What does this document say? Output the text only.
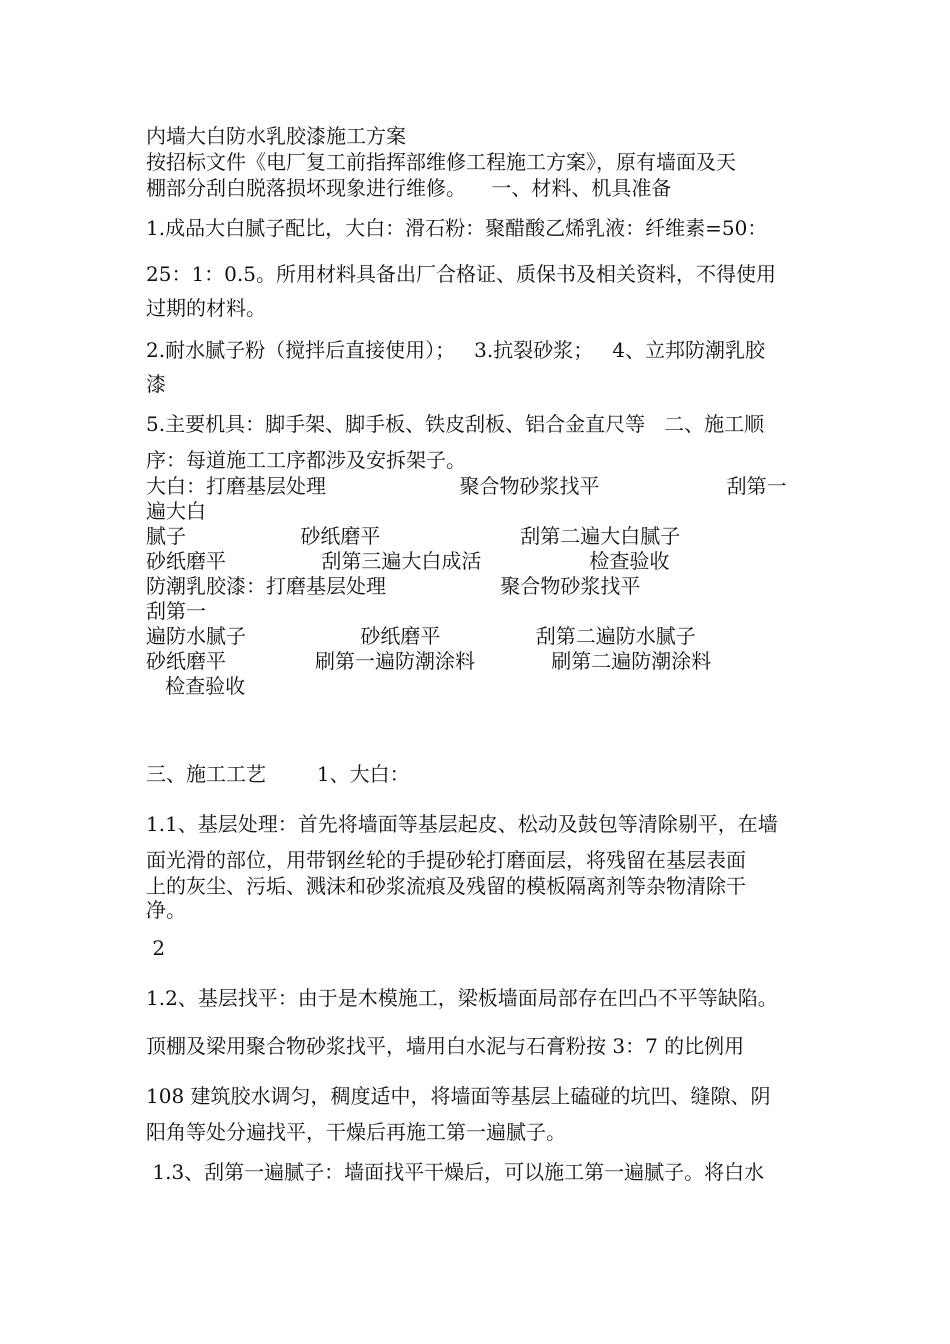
内墙大白防水乳胶漆施工方案

按招标文件《电厂复工前指挥部维修工程施工方案》，原有墙面及天

棚部分刮白脱落损坏现象进行维修。    一、材料、机具准备

1.成品大白腻子配比，大白：滑石粉：聚醋酸乙烯乳液：纤维素=50：

25：1：0.5。所用材料具备出厂合格证、质保书及相关资料，不得使用

过期的材料。

2.耐水腻子粉（搅拌后直接使用）；   3.抗裂砂浆；   4、立邦防潮乳胶

漆

5.主要机具：脚手架、脚手板、铁皮刮板、铝合金直尺等   二、施工顺

序：每道施工工序都涉及安拆架子。

大白：打磨基层处理                     聚合物砂浆找平                    刮第一

遍大白

腻子                  砂纸磨平                      刮第二遍大白腻子

砂纸磨平               刮第三遍大白成活                 检查验收

防潮乳胶漆：打磨基层处理                  聚合物砂浆找平

刮第一

遍防水腻子                  砂纸磨平               刮第二遍防水腻子

砂纸磨平              刷第一遍防潮涂料            刷第二遍防潮涂料

检查验收

三、施工工艺        1、大白：

1.1、基层处理：首先将墙面等基层起皮、松动及鼓包等清除剔平，在墙

面光滑的部位，用带钢丝轮的手提砂轮打磨面层，将残留在基层表面

上的灰尘、污垢、溅沫和砂浆流痕及残留的模板隔离剂等杂物清除干

净。

2

1.2、基层找平：由于是木模施工，梁板墙面局部存在凹凸不平等缺陷。

顶棚及梁用聚合物砂浆找平，墙用白水泥与石膏粉按 3：7 的比例用

108 建筑胶水调匀，稠度适中，将墙面等基层上磕碰的坑凹、缝隙、阴

阳角等处分遍找平，干燥后再施工第一遍腻子。

1.3、刮第一遍腻子：墙面找平干燥后，可以施工第一遍腻子。将白水
